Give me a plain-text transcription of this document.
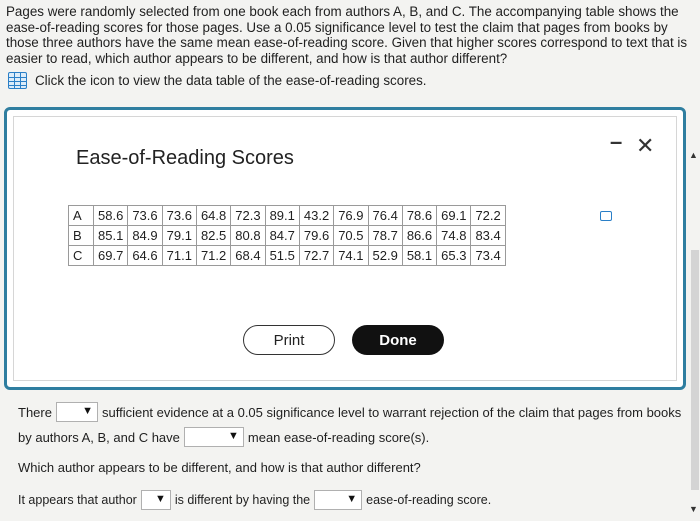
Pages were randomly selected from one book each from authors A, B, and C. The accompanying table shows the ease-of-reading scores for those pages. Use a 0.05 significance level to test the claim that pages from books by those three authors have the same mean ease-of-reading score. Given that higher scores correspond to text that is easier to read, which author appears to be different, and how is that author different?
Click the icon to view the data table of the ease-of-reading scores.
Ease-of-Reading Scores
– ✕
A	58.6	73.6	73.6	64.8	72.3	89.1	43.2	76.9	76.4	78.6	69.1	72.2
B	85.1	84.9	79.1	82.5	80.8	84.7	79.6	70.5	78.7	86.6	74.8	83.4
C	69.7	64.6	71.1	71.2	68.4	51.5	72.7	74.1	52.9	58.1	65.3	73.4
Print	Done
▲
▼
There	▼ sufficient evidence at a 0.05 significance level to warrant rejection of the claim that pages from books
by authors A, B, and C have	▼ mean ease-of-reading score(s).
Which author appears to be different, and how is that author different?
It appears that author ▼ is different by having the	▼ ease-of-reading score.
